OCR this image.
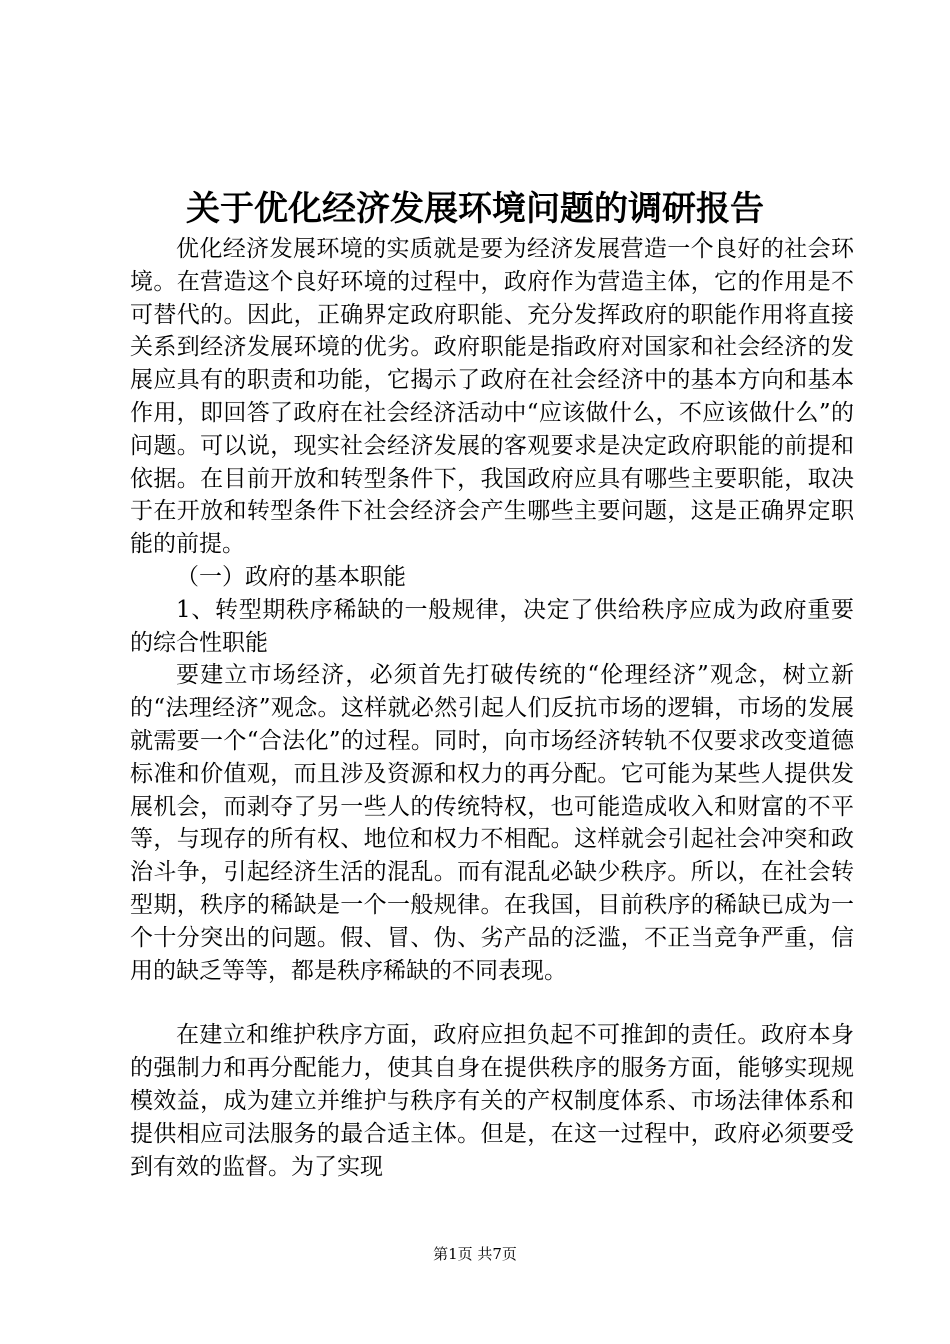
关于优化经济发展环境问题的调研报告

优化经济发展环境的实质就是要为经济发展营造一个良好的社会环境。在营造这个良好环境的过程中，政府作为营造主体，它的作用是不可替代的。因此，正确界定政府职能、充分发挥政府的职能作用将直接关系到经济发展环境的优劣。政府职能是指政府对国家和社会经济的发展应具有的职责和功能，它揭示了政府在社会经济中的基本方向和基本作用，即回答了政府在社会经济活动中“应该做什么，不应该做什么”的问题。可以说，现实社会经济发展的客观要求是决定政府职能的前提和依据。在目前开放和转型条件下，我国政府应具有哪些主要职能，取决于在开放和转型条件下社会经济会产生哪些主要问题，这是正确界定职能的前提。

（一）政府的基本职能

1、转型期秩序稀缺的一般规律，决定了供给秩序应成为政府重要的综合性职能

要建立市场经济，必须首先打破传统的“伦理经济”观念，树立新的“法理经济”观念。这样就必然引起人们反抗市场的逻辑，市场的发展就需要一个“合法化”的过程。同时，向市场经济转轨不仅要求改变道德标准和价值观，而且涉及资源和权力的再分配。它可能为某些人提供发展机会，而剥夺了另一些人的传统特权，也可能造成收入和财富的不平等，与现存的所有权、地位和权力不相配。这样就会引起社会冲突和政治斗争，引起经济生活的混乱。而有混乱必缺少秩序。所以，在社会转型期，秩序的稀缺是一个一般规律。在我国，目前秩序的稀缺已成为一个十分突出的问题。假、冒、伪、劣产品的泛滥，不正当竞争严重，信用的缺乏等等，都是秩序稀缺的不同表现。

在建立和维护秩序方面，政府应担负起不可推卸的责任。政府本身的强制力和再分配能力，使其自身在提供秩序的服务方面，能够实现规模效益，成为建立并维护与秩序有关的产权制度体系、市场法律体系和提供相应司法服务的最合适主体。但是，在这一过程中，政府必须要受到有效的监督。为了实现

第1页 共7页
